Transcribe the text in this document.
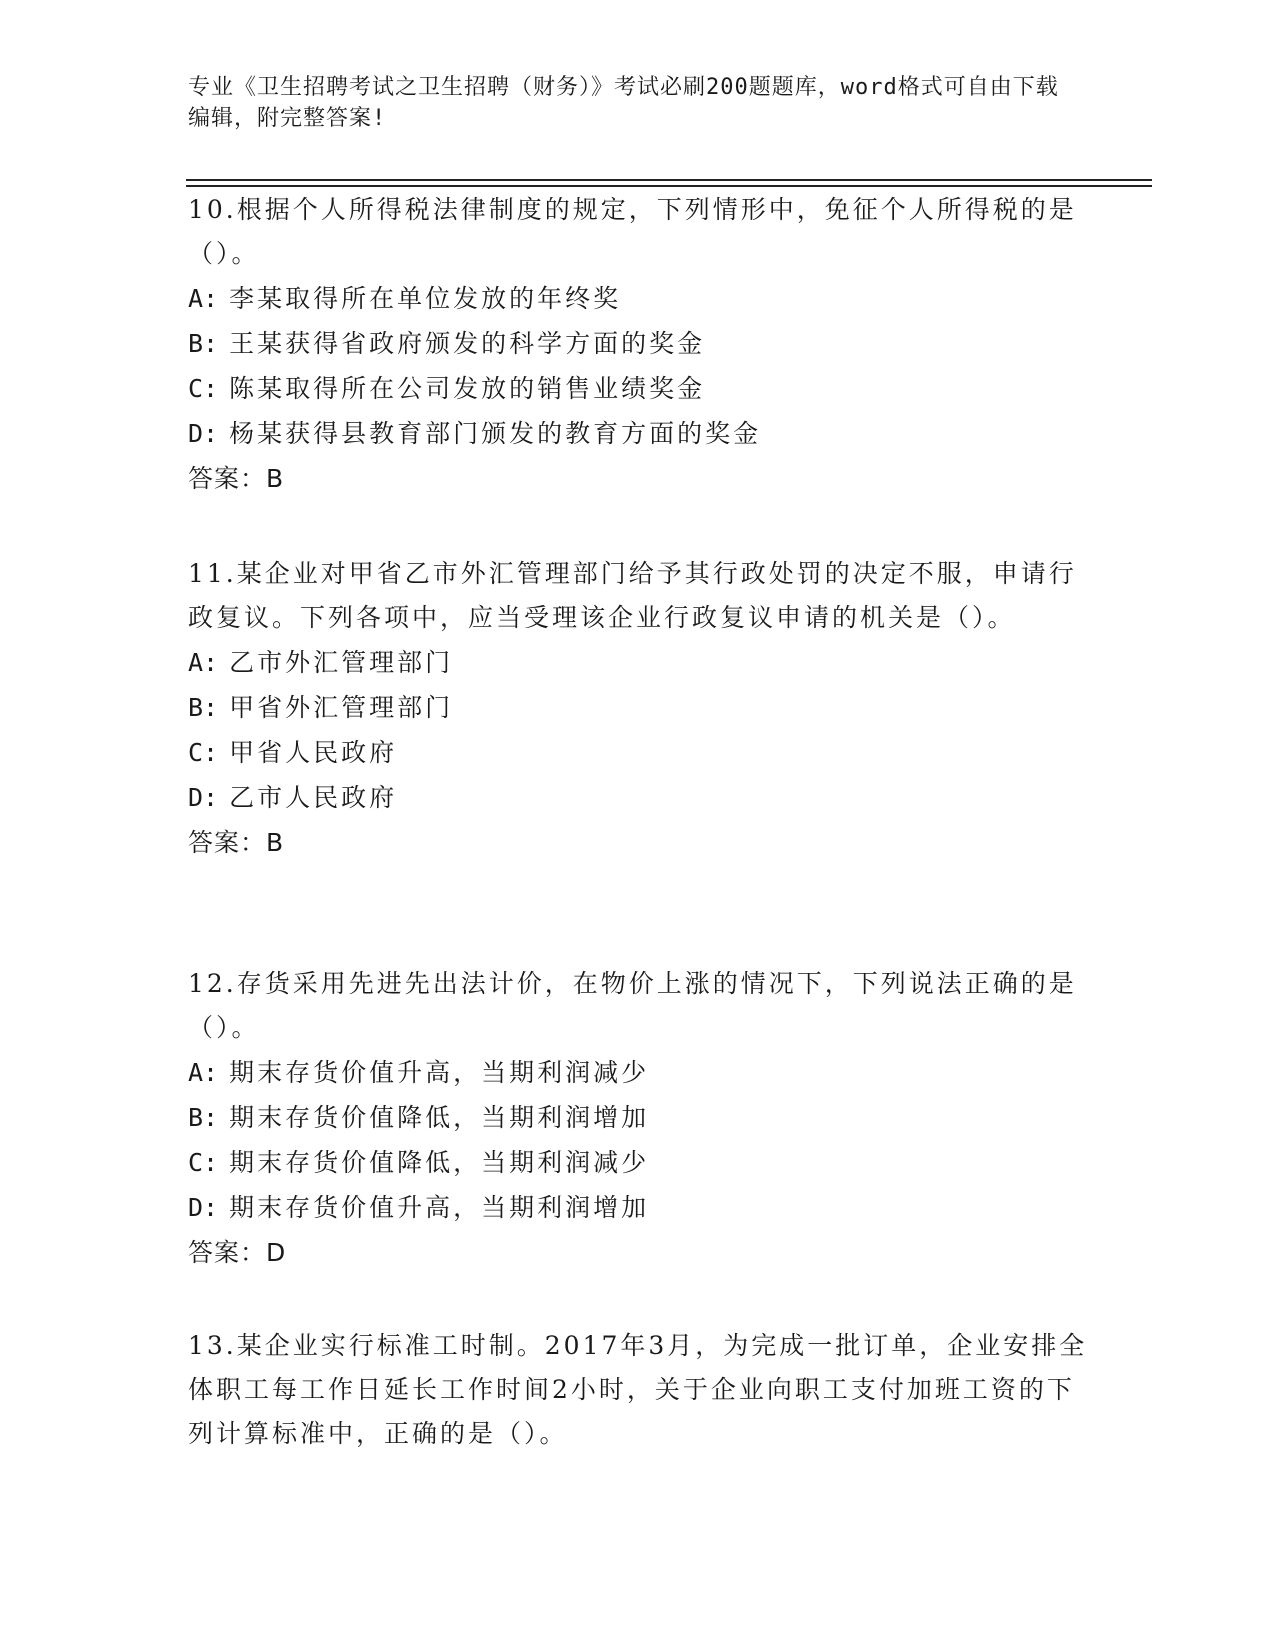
专业《卫生招聘考试之卫生招聘（财务）》考试必刷200题题库，word格式可自由下载编辑，附完整答案!
10.根据个人所得税法律制度的规定，下列情形中，免征个人所得税的是（）。
A: 李某取得所在单位发放的年终奖
B: 王某获得省政府颁发的科学方面的奖金
C: 陈某取得所在公司发放的销售业绩奖金
D: 杨某获得县教育部门颁发的教育方面的奖金
答案：B
11.某企业对甲省乙市外汇管理部门给予其行政处罚的决定不服，申请行政复议。下列各项中，应当受理该企业行政复议申请的机关是（）。
A: 乙市外汇管理部门
B: 甲省外汇管理部门
C: 甲省人民政府
D: 乙市人民政府
答案：B
12.存货采用先进先出法计价，在物价上涨的情况下，下列说法正确的是（）。
A: 期末存货价值升高，当期利润减少
B: 期末存货价值降低，当期利润增加
C: 期末存货价值降低，当期利润减少
D: 期末存货价值升高，当期利润增加
答案：D
13.某企业实行标准工时制。2017年3月，为完成一批订单，企业安排全体职工每工作日延长工作时间2小时，关于企业向职工支付加班工资的下列计算标准中，正确的是（）。
